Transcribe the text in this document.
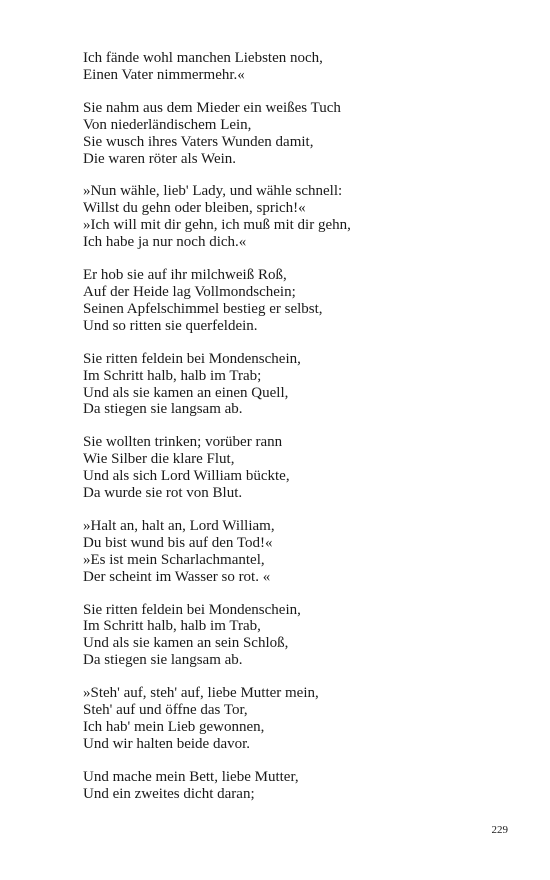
Ich fände wohl manchen Liebsten noch,
Einen Vater nimmermehr.«
Sie nahm aus dem Mieder ein weißes Tuch
Von niederländischem Lein,
Sie wusch ihres Vaters Wunden damit,
Die waren röter als Wein.
»Nun wähle, lieb' Lady, und wähle schnell:
Willst du gehn oder bleiben, sprich!«
»Ich will mit dir gehn, ich muß mit dir gehn,
Ich habe ja nur noch dich.«
Er hob sie auf ihr milchweiß Roß,
Auf der Heide lag Vollmondschein;
Seinen Apfelschimmel bestieg er selbst,
Und so ritten sie querfeldein.
Sie ritten feldein bei Mondenschein,
Im Schritt halb, halb im Trab;
Und als sie kamen an einen Quell,
Da stiegen sie langsam ab.
Sie wollten trinken; vorüber rann
Wie Silber die klare Flut,
Und als sich Lord William bückte,
Da wurde sie rot von Blut.
»Halt an, halt an, Lord William,
Du bist wund bis auf den Tod!«
»Es ist mein Scharlachmantel,
Der scheint im Wasser so rot. «
Sie ritten feldein bei Mondenschein,
Im Schritt halb, halb im Trab,
Und als sie kamen an sein Schloß,
Da stiegen sie langsam ab.
»Steh' auf, steh' auf, liebe Mutter mein,
Steh' auf und öffne das Tor,
Ich hab' mein Lieb gewonnen,
Und wir halten beide davor.
Und mache mein Bett, liebe Mutter,
Und ein zweites dicht daran;
229
